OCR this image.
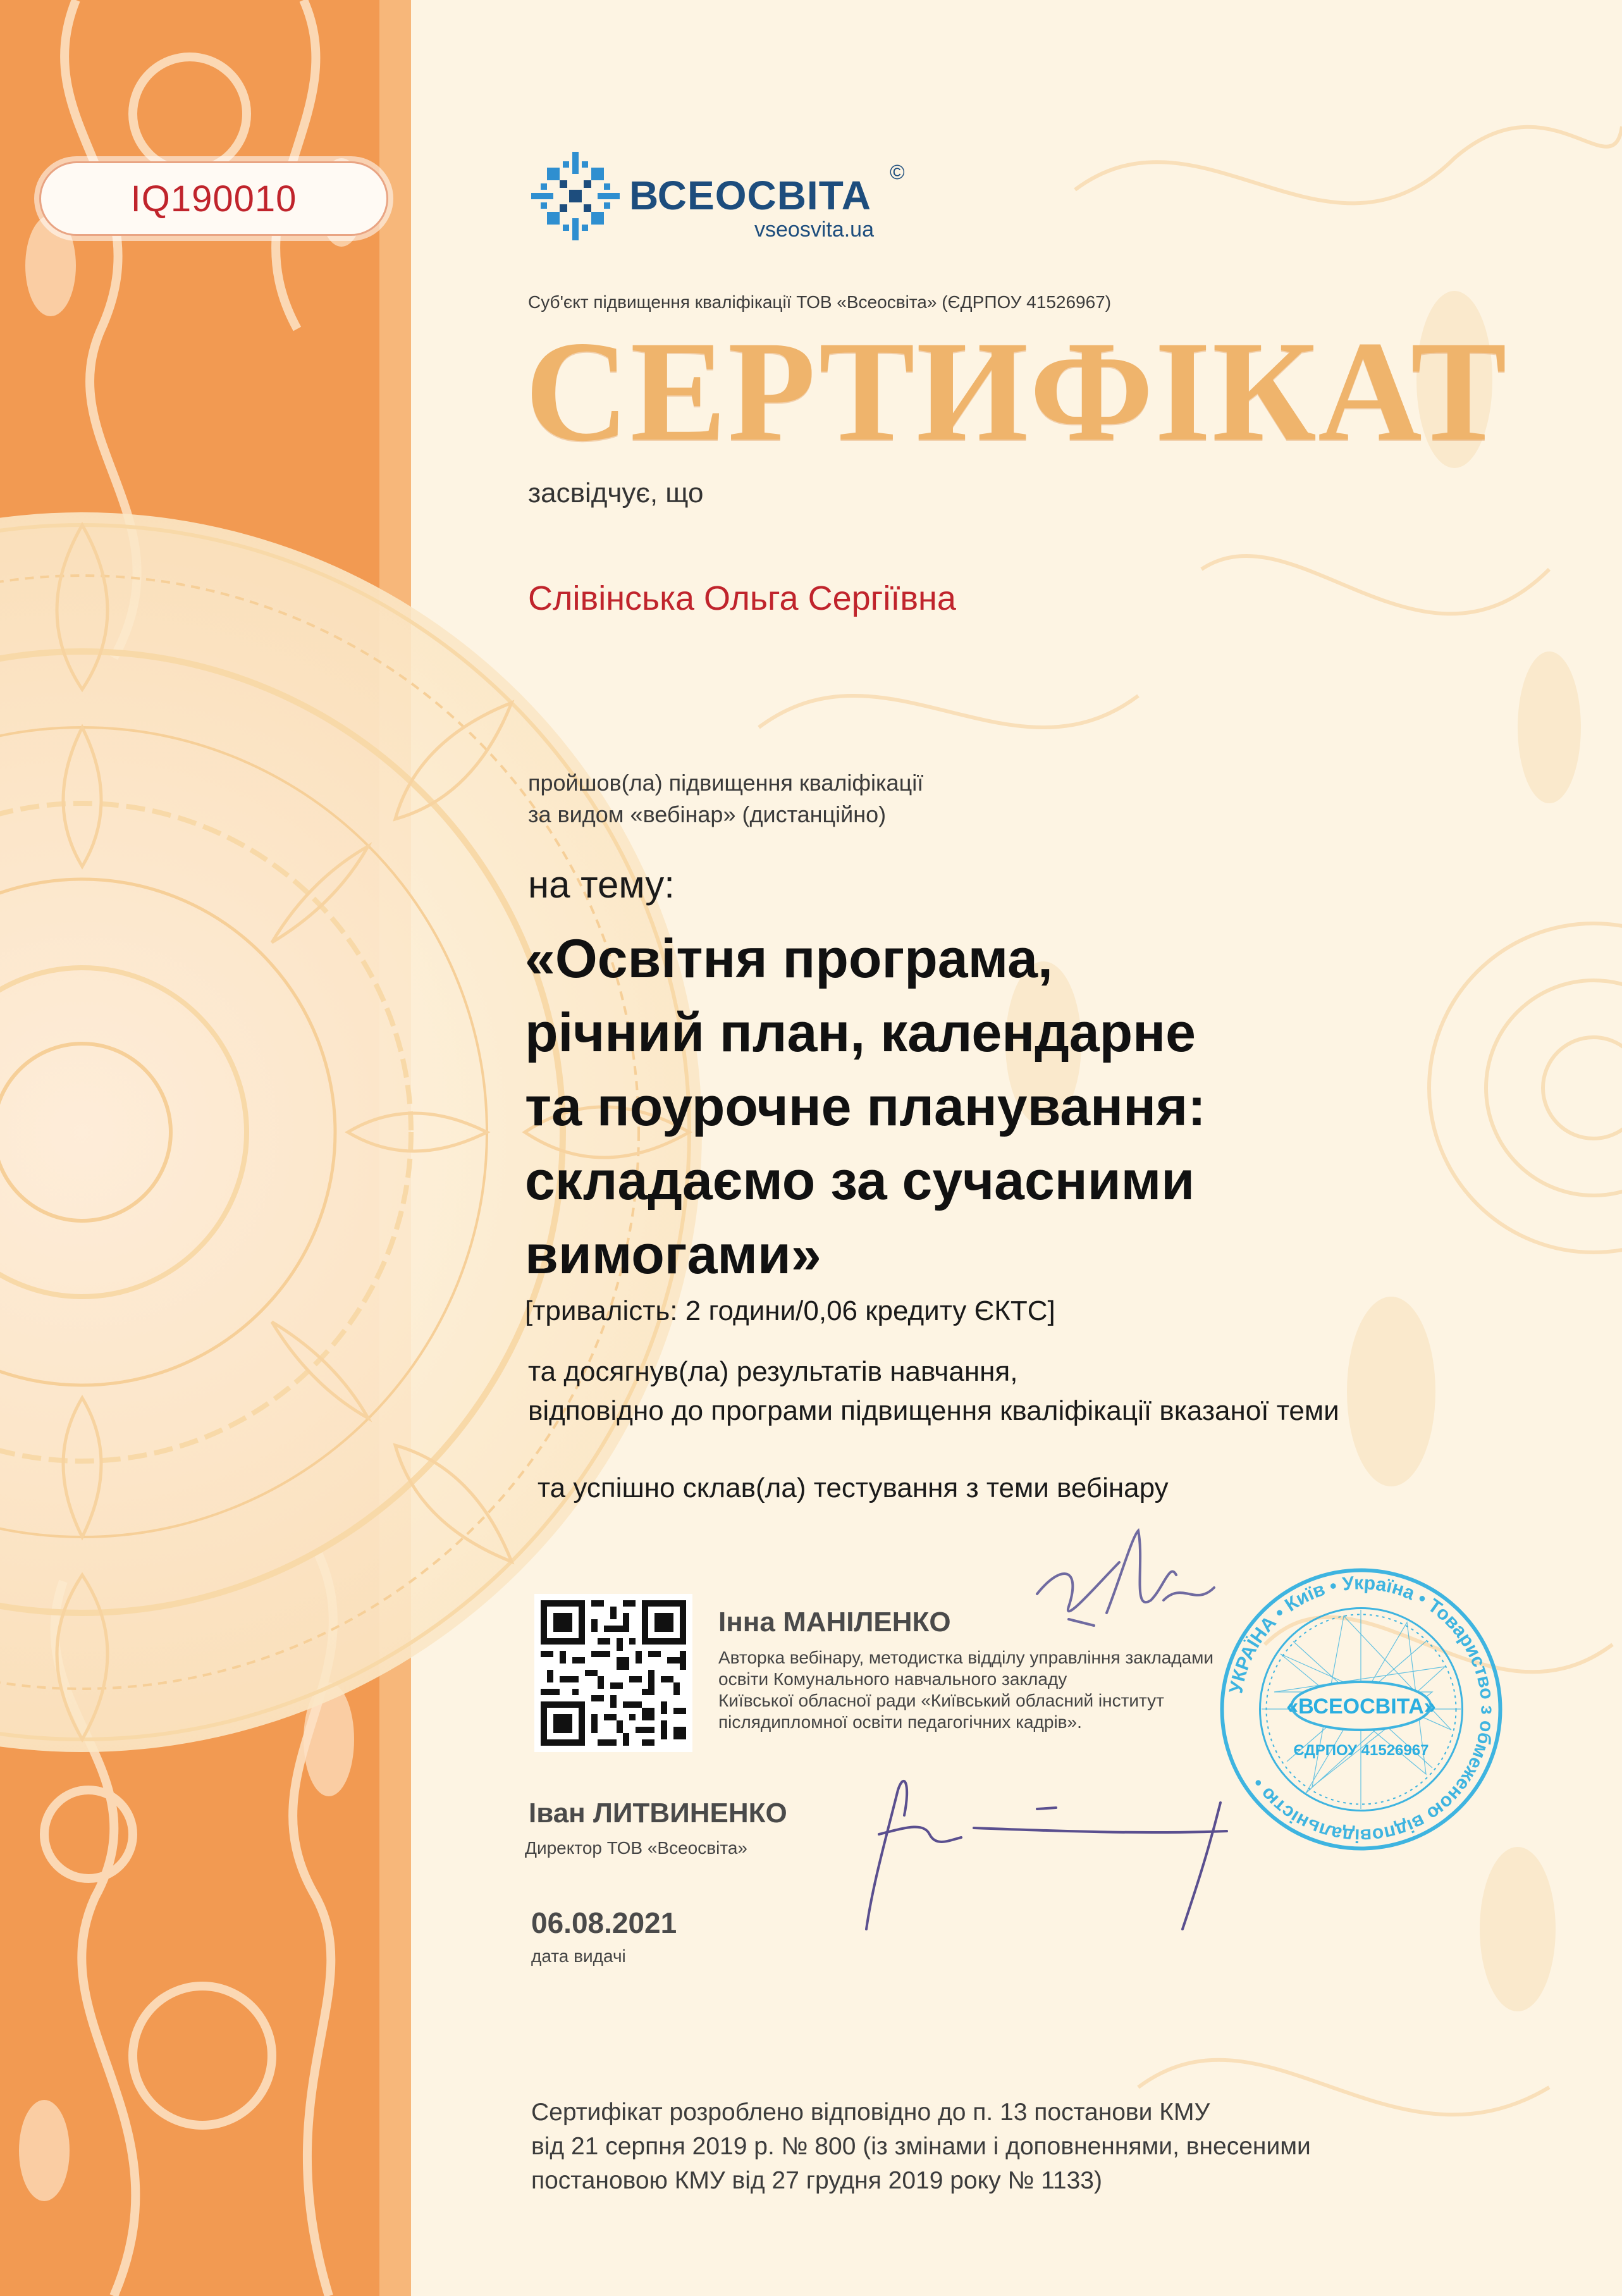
IQ190010	ВСЕОСВІТА
vseosvita.ua
©
Суб'єкт підвищення кваліфікації ТОВ «Всеосвіта» (ЄДРПОУ 41526967)
СЕРТИФІКАТ
засвідчує, що
Слівінська Ольга Сергіївна
пройшов(ла) підвищення кваліфікації
за видом «вебінар» (дистанційно)
на тему:
«Освітня програма,
річний план, календарне
та поурочне планування:
складаємо за сучасними
вимогами»
[тривалість: 2 години/0,06 кредиту ЄКТС]
та досягнув(ла) результатів навчання,
відповідно до програми підвищення кваліфікації вказаної теми
та успішно склав(ла) тестування з теми вебінару
Інна МАНІЛЕНКО
Авторка вебінару, методистка відділу управління закладами
освіти Комунального навчального закладу
Київської обласної ради «Київський обласний інститут
післядипломної освіти педагогічних кадрів».
Іван ЛИТВИНЕНКО
Директор ТОВ «Всеосвіта»
06.08.2021
дата видачі
УКРАЇНА • Київ • Україна • Товариство з обмеженою відповідальністю •
«ВСЕОСВІТА»
ЄДРПОУ 41526967
Сертифікат розроблено відповідно до п. 13 постанови КМУ
від 21 серпня 2019 р. № 800 (із змінами і доповненнями, внесеними
постановою КМУ від 27 грудня 2019 року № 1133)
